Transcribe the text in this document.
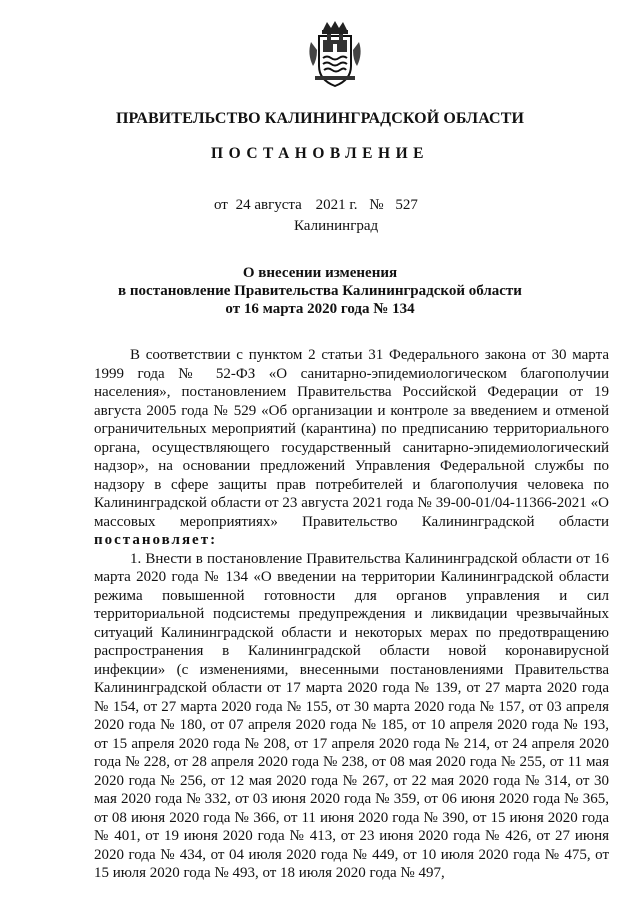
ПРАВИТЕЛЬСТВО КАЛИНИНГРАДСКОЙ ОБЛАСТИ
ПОСТАНОВЛЕНИЕ
от 24 августа 2021 г. № 527
Калининград
О внесении изменения
в постановление Правительства Калининградской области
от 16 марта 2020 года № 134

В соответствии с пунктом 2 статьи 31 Федерального закона от 30 марта 1999 года № 52-ФЗ «О санитарно-эпидемиологическом благополучии населения», постановлением Правительства Российской Федерации от 19 августа 2005 года № 529 «Об организации и контроле за введением и отменой ограничительных мероприятий (карантина) по предписанию территориального органа, осуществляющего государственный санитарно-эпидемиологический надзор», на основании предложений Управления Федеральной службы по надзору в сфере защиты прав потребителей и благополучия человека по Калининградской области от 23 августа 2021 года № 39-00-01/04-11366-2021 «О массовых мероприятиях» Правительство Калининградской области постановляет:

1. Внести в постановление Правительства Калининградской области от 16 марта 2020 года № 134 «О введении на территории Калининградской области режима повышенной готовности для органов управления и сил территориальной подсистемы предупреждения и ликвидации чрезвычайных ситуаций Калининградской области и некоторых мерах по предотвращению распространения в Калининградской области новой коронавирусной инфекции» (с изменениями, внесенными постановлениями Правительства Калининградской области от 17 марта 2020 года № 139, от 27 марта 2020 года № 154, от 27 марта 2020 года № 155, от 30 марта 2020 года № 157, от 03 апреля 2020 года № 180, от 07 апреля 2020 года № 185, от 10 апреля 2020 года № 193, от 15 апреля 2020 года № 208, от 17 апреля 2020 года № 214, от 24 апреля 2020 года № 228, от 28 апреля 2020 года № 238, от 08 мая 2020 года № 255, от 11 мая 2020 года № 256, от 12 мая 2020 года № 267, от 22 мая 2020 года № 314, от 30 мая 2020 года № 332, от 03 июня 2020 года № 359, от 06 июня 2020 года № 365, от 08 июня 2020 года № 366, от 11 июня 2020 года № 390, от 15 июня 2020 года № 401, от 19 июня 2020 года № 413, от 23 июня 2020 года № 426, от 27 июня 2020 года № 434, от 04 июля 2020 года № 449, от 10 июля 2020 года № 475, от 15 июля 2020 года № 493, от 18 июля 2020 года № 497,
